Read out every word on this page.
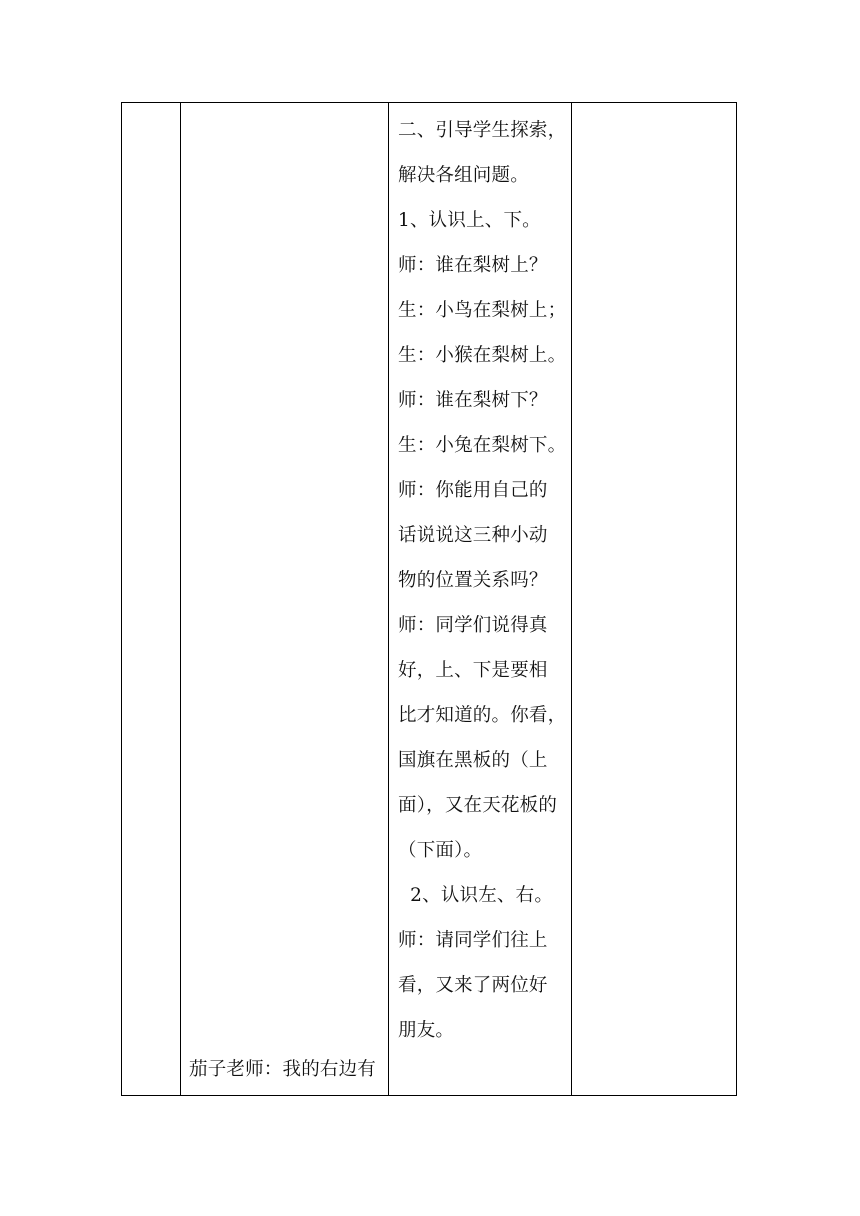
茄子老师：我的右边有
二、引导学生探索，
解决各组问题。
1、认识上、下。
师：谁在梨树上？
生：小鸟在梨树上；
生：小猴在梨树上。
师：谁在梨树下？
生：小兔在梨树下。
师：你能用自己的
话说说这三种小动
物的位置关系吗？
师：同学们说得真
好，上、下是要相
比才知道的。你看，
国旗在黑板的（上
面），又在天花板的
（下面）。
2、认识左、右。
师：请同学们往上
看，又来了两位好
朋友。
